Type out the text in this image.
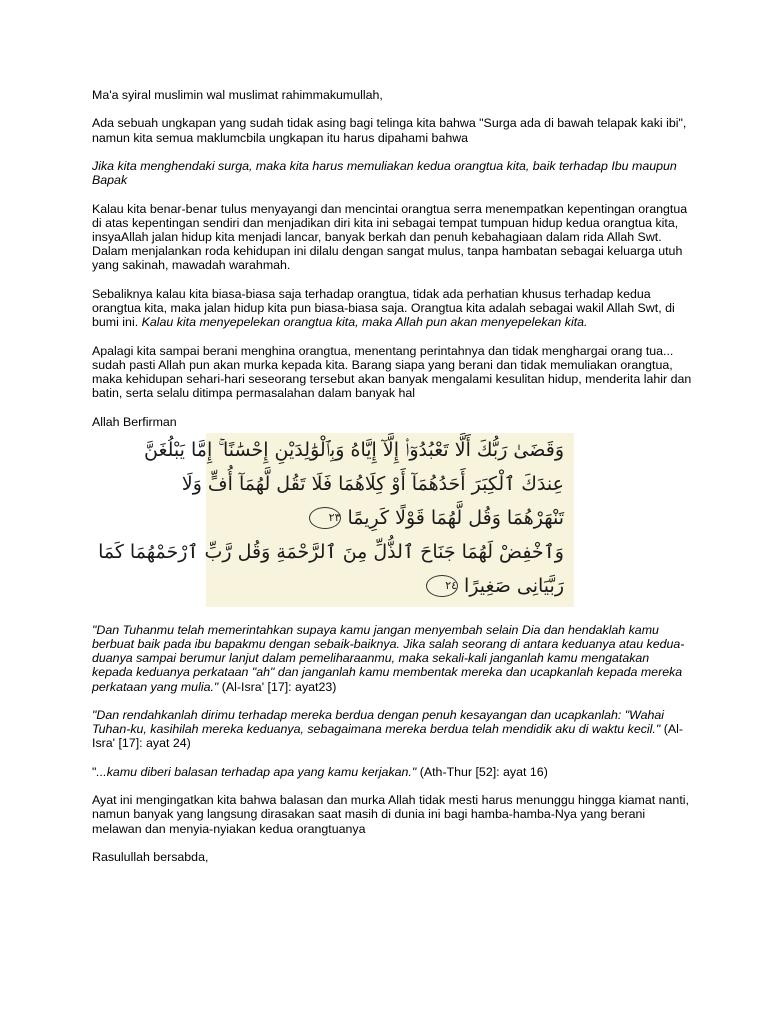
Ma'a syiral muslimin wal muslimat rahimmakumullah,

Ada sebuah ungkapan yang sudah tidak asing bagi telinga kita bahwa "Surga ada di bawah telapak kaki ibi", namun kita semua maklumcbila ungkapan itu harus dipahami bahwa

Jika kita menghendaki surga, maka kita harus memuliakan kedua orangtua kita, baik terhadap Ibu maupun Bapak

Kalau kita benar-benar tulus menyayangi dan mencintai orangtua serra menempatkan kepentingan orangtua di atas kepentingan sendiri dan menjadikan diri kita ini sebagai tempat tumpuan hidup kedua orangtua kita, insyaAllah jalan hidup kita menjadi lancar, banyak berkah dan penuh kebahagiaan dalam rida Allah Swt. Dalam menjalankan roda kehidupan ini dilalu dengan sangat mulus, tanpa hambatan sebagai keluarga utuh yang sakinah, mawadah warahmah.

Sebaliknya kalau kita biasa-biasa saja terhadap orangtua, tidak ada perhatian khusus terhadap kedua orangtua kita, maka jalan hidup kita pun biasa-biasa saja. Orangtua kita adalah sebagai wakil Allah Swt, di bumi ini. Kalau kita menyepelekan orangtua kita, maka Allah pun akan menyepelekan kita.

Apalagi kita sampai berani menghina orangtua, menentang perintahnya dan tidak menghargai orang tua... sudah pasti Allah pun akan murka kepada kita. Barang siapa yang berani dan tidak memuliakan orangtua, maka kehidupan sehari-hari seseorang tersebut akan banyak mengalami kesulitan hidup, menderita lahir dan batin, serta selalu ditimpa permasalahan dalam banyak hal

Allah Berfirman

وَقَضَىٰ رَبُّكَ أَلَّا تَعْبُدُوٓا۟ إِلَّآ إِيَّاهُ وَبِٱلْوَٰلِدَيْنِ إِحْسَٰنًا ۚ إِمَّا يَبْلُغَنَّ
عِندَكَ ٱلْكِبَرَ أَحَدُهُمَآ أَوْ كِلَاهُمَا فَلَا تَقُل لَّهُمَآ أُفٍّ وَلَا
تَنْهَرْهُمَا وَقُل لَّهُمَا قَوْلًا كَرِيمًا٢٣
وَٱخْفِضْ لَهُمَا جَنَاحَ ٱلذُّلِّ مِنَ ٱلرَّحْمَةِ وَقُل رَّبِّ ٱرْحَمْهُمَا كَمَا
رَبَّيَانِى صَغِيرًا٢٤

"Dan Tuhanmu telah memerintahkan supaya kamu jangan menyembah selain Dia dan hendaklah kamu berbuat baik pada ibu bapakmu dengan sebaik-baiknya. Jika salah seorang di antara keduanya atau kedua-duanya sampai berumur lanjut dalam pemeliharaanmu, maka sekali-kali janganlah kamu mengatakan kepada keduanya perkataan "ah" dan janganlah kamu membentak mereka dan ucapkanlah kepada mereka perkataan yang mulia." (Al-Isra' [17]: ayat23)

"Dan rendahkanlah dirimu terhadap mereka berdua dengan penuh kesayangan dan ucapkanlah: "Wahai Tuhan-ku, kasihilah mereka keduanya, sebagaimana mereka berdua telah mendidik aku di waktu kecil." (Al-Isra' [17]: ayat 24)

"...kamu diberi balasan terhadap apa yang kamu kerjakan." (Ath-Thur [52]: ayat 16)

Ayat ini mengingatkan kita bahwa balasan dan murka Allah tidak mesti harus menunggu hingga kiamat nanti, namun banyak yang langsung dirasakan saat masih di dunia ini bagi hamba-hamba-Nya yang berani melawan dan menyia-nyiakan kedua orangtuanya

Rasulullah bersabda,
